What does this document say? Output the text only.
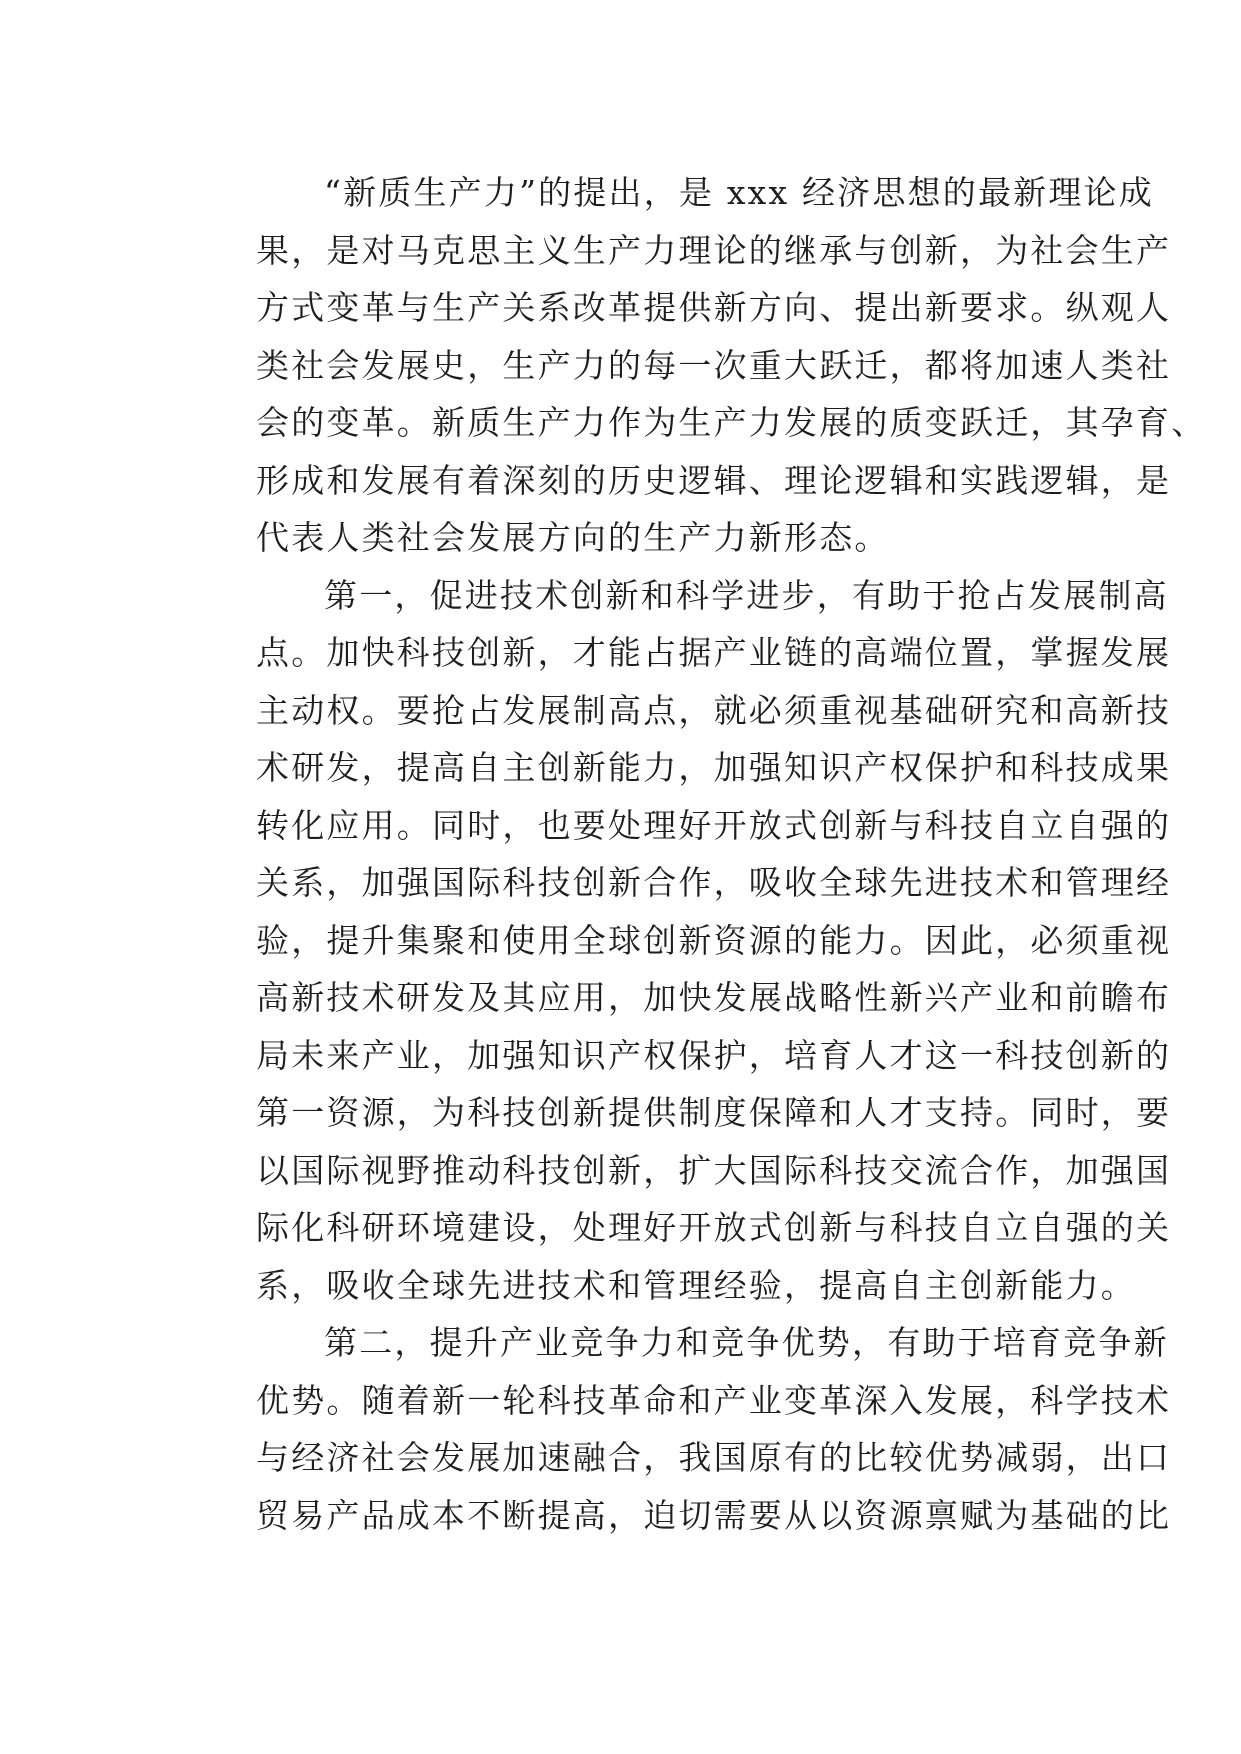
“新质生产力”的提出，是 xxx 经济思想的最新理论成
果，是对马克思主义生产力理论的继承与创新，为社会生产
方式变革与生产关系改革提供新方向、提出新要求。纵观人
类社会发展史，生产力的每一次重大跃迁，都将加速人类社
会的变革。新质生产力作为生产力发展的质变跃迁，其孕育、
形成和发展有着深刻的历史逻辑、理论逻辑和实践逻辑，是
代表人类社会发展方向的生产力新形态。
第一，促进技术创新和科学进步，有助于抢占发展制高
点。加快科技创新，才能占据产业链的高端位置，掌握发展
主动权。要抢占发展制高点，就必须重视基础研究和高新技
术研发，提高自主创新能力，加强知识产权保护和科技成果
转化应用。同时，也要处理好开放式创新与科技自立自强的
关系，加强国际科技创新合作，吸收全球先进技术和管理经
验，提升集聚和使用全球创新资源的能力。因此，必须重视
高新技术研发及其应用，加快发展战略性新兴产业和前瞻布
局未来产业，加强知识产权保护，培育人才这一科技创新的
第一资源，为科技创新提供制度保障和人才支持。同时，要
以国际视野推动科技创新，扩大国际科技交流合作，加强国
际化科研环境建设，处理好开放式创新与科技自立自强的关
系，吸收全球先进技术和管理经验，提高自主创新能力。
第二，提升产业竞争力和竞争优势，有助于培育竞争新
优势。随着新一轮科技革命和产业变革深入发展，科学技术
与经济社会发展加速融合，我国原有的比较优势减弱，出口
贸易产品成本不断提高，迫切需要从以资源禀赋为基础的比
